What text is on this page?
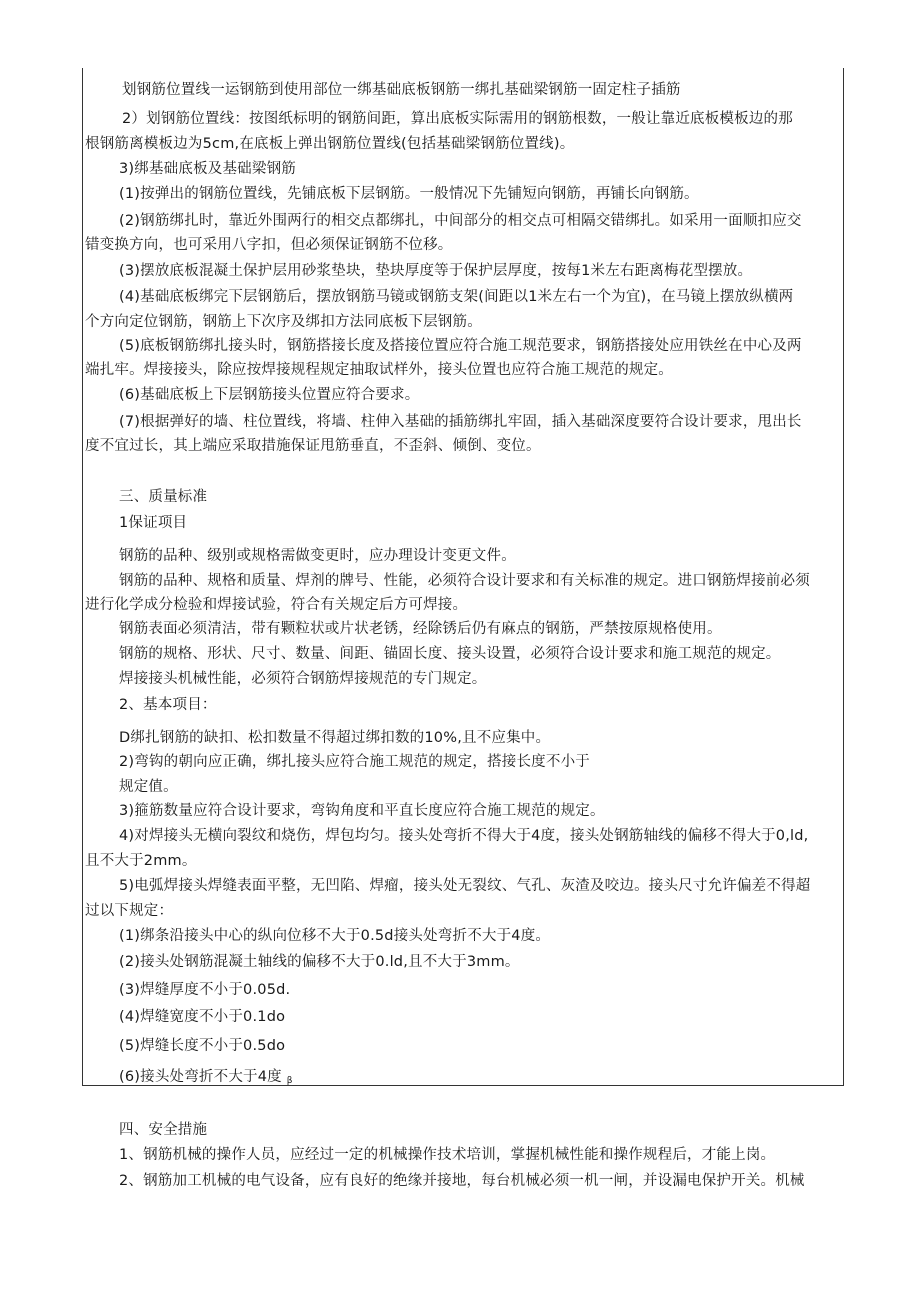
划钢筋位置线一运钢筋到使用部位一绑基础底板钢筋一绑扎基础梁钢筋一固定柱子插筋
2）划钢筋位置线：按图纸标明的钢筋间距，算出底板实际需用的钢筋根数，一般让靠近底板模板边的那
根钢筋离模板边为5cm,在底板上弹出钢筋位置线(包括基础梁钢筋位置线)。
3)绑基础底板及基础梁钢筋
(1)按弹出的钢筋位置线，先铺底板下层钢筋。一般情况下先铺短向钢筋，再铺长向钢筋。
(2)钢筋绑扎时，靠近外围两行的相交点都绑扎，中间部分的相交点可相隔交错绑扎。如采用一面顺扣应交
错变换方向，也可采用八字扣，但必须保证钢筋不位移。
(3)摆放底板混凝土保护层用砂浆垫块，垫块厚度等于保护层厚度，按每1米左右距离梅花型摆放。
(4)基础底板绑完下层钢筋后，摆放钢筋马镜或钢筋支架(间距以1米左右一个为宜)，在马镜上摆放纵横两
个方向定位钢筋，钢筋上下次序及绑扣方法同底板下层钢筋。
(5)底板钢筋绑扎接头时，钢筋搭接长度及搭接位置应符合施工规范要求，钢筋搭接处应用铁丝在中心及两
端扎牢。焊接接头，除应按焊接规程规定抽取试样外，接头位置也应符合施工规范的规定。
(6)基础底板上下层钢筋接头位置应符合要求。
(7)根据弹好的墙、柱位置线，将墙、柱伸入基础的插筋绑扎牢固，插入基础深度要符合设计要求，甩出长
度不宜过长，其上端应采取措施保证甩筋垂直，不歪斜、倾倒、变位。
三、质量标准
1保证项目
钢筋的品种、级别或规格需做变更时，应办理设计变更文件。
钢筋的品种、规格和质量、焊剂的牌号、性能，必须符合设计要求和有关标准的规定。进口钢筋焊接前必须
进行化学成分检验和焊接试验，符合有关规定后方可焊接。
钢筋表面必须清洁，带有颗粒状或片状老锈，经除锈后仍有麻点的钢筋，严禁按原规格使用。
钢筋的规格、形状、尺寸、数量、间距、锚固长度、接头设置，必须符合设计要求和施工规范的规定。
焊接接头机械性能，必须符合钢筋焊接规范的专门规定。
2、基本项目：
D绑扎钢筋的缺扣、松扣数量不得超过绑扣数的10%,且不应集中。
2)弯钩的朝向应正确，绑扎接头应符合施工规范的规定，搭接长度不小于
规定值。
3)箍筋数量应符合设计要求，弯钩角度和平直长度应符合施工规范的规定。
4)对焊接头无横向裂纹和烧伤，焊包均匀。接头处弯折不得大于4度，接头处钢筋轴线的偏移不得大于0,ld,
且不大于2mm。
5)电弧焊接头焊缝表面平整，无凹陷、焊瘤，接头处无裂纹、气孔、灰渣及咬边。接头尺寸允许偏差不得超
过以下规定：
(1)绑条沿接头中心的纵向位移不大于0.5d接头处弯折不大于4度。
(2)接头处钢筋混凝土轴线的偏移不大于0.ld,且不大于3mm。
(3)焊缝厚度不小于0.05d.
(4)焊缝宽度不小于0.1do
(5)焊缝长度不小于0.5do
(6)接头处弯折不大于4度 $_\beta$
四、安全措施
1、钢筋机械的操作人员，应经过一定的机械操作技术培训，掌握机械性能和操作规程后，才能上岗。
2、钢筋加工机械的电气设备，应有良好的绝缘并接地，每台机械必须一机一闸，并设漏电保护开关。机械
